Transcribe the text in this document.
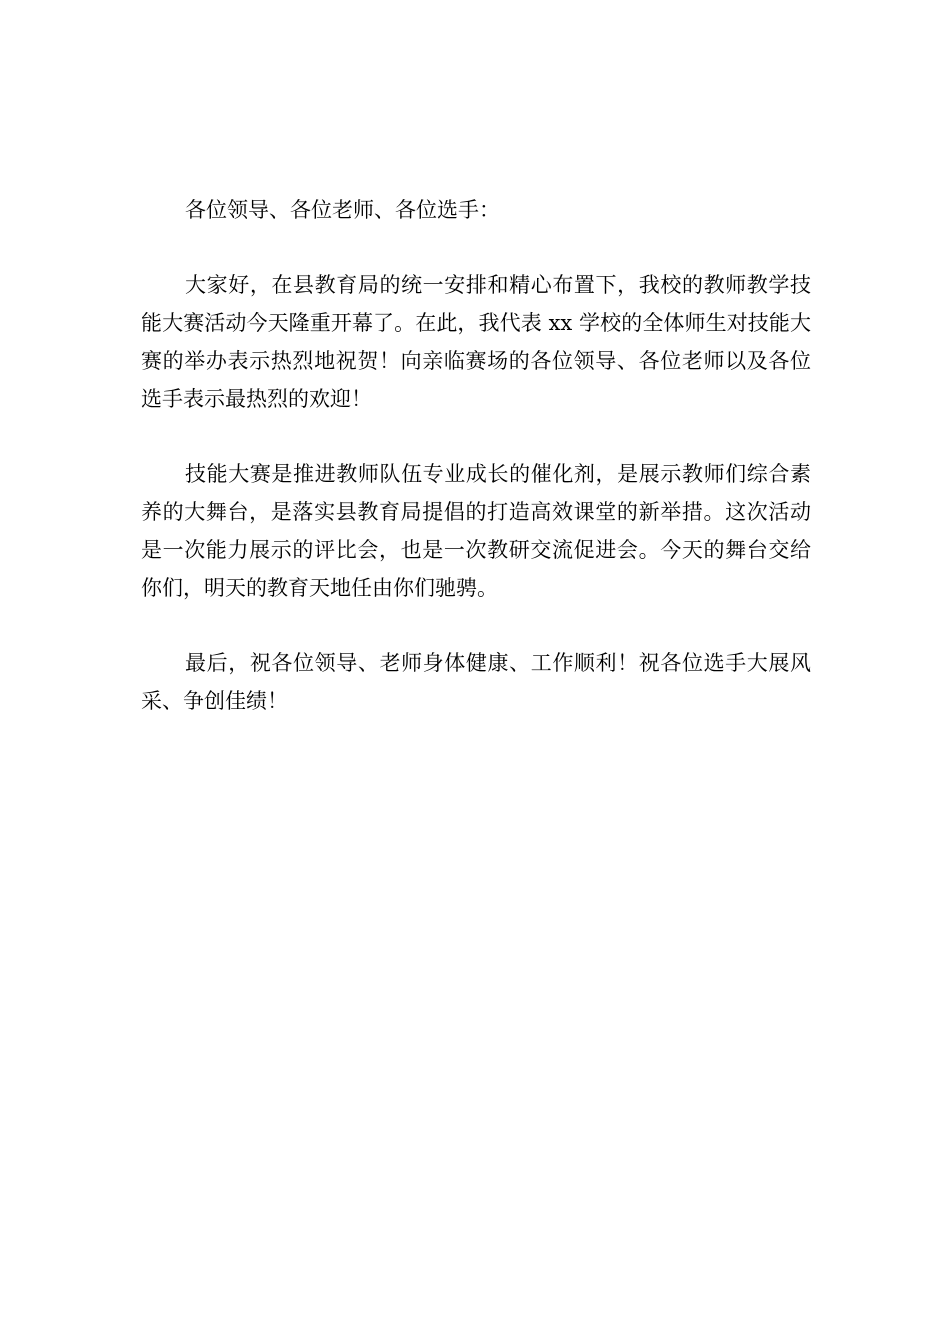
各位领导、各位老师、各位选手：

大家好，在县教育局的统一安排和精心布置下，我校的教师教学技能大赛活动今天隆重开幕了。在此，我代表 xx 学校的全体师生对技能大赛的举办表示热烈地祝贺！向亲临赛场的各位领导、各位老师以及各位选手表示最热烈的欢迎！

技能大赛是推进教师队伍专业成长的催化剂，是展示教师们综合素养的大舞台，是落实县教育局提倡的打造高效课堂的新举措。这次活动是一次能力展示的评比会，也是一次教研交流促进会。今天的舞台交给你们，明天的教育天地任由你们驰骋。

最后，祝各位领导、老师身体健康、工作顺利！祝各位选手大展风采、争创佳绩！
